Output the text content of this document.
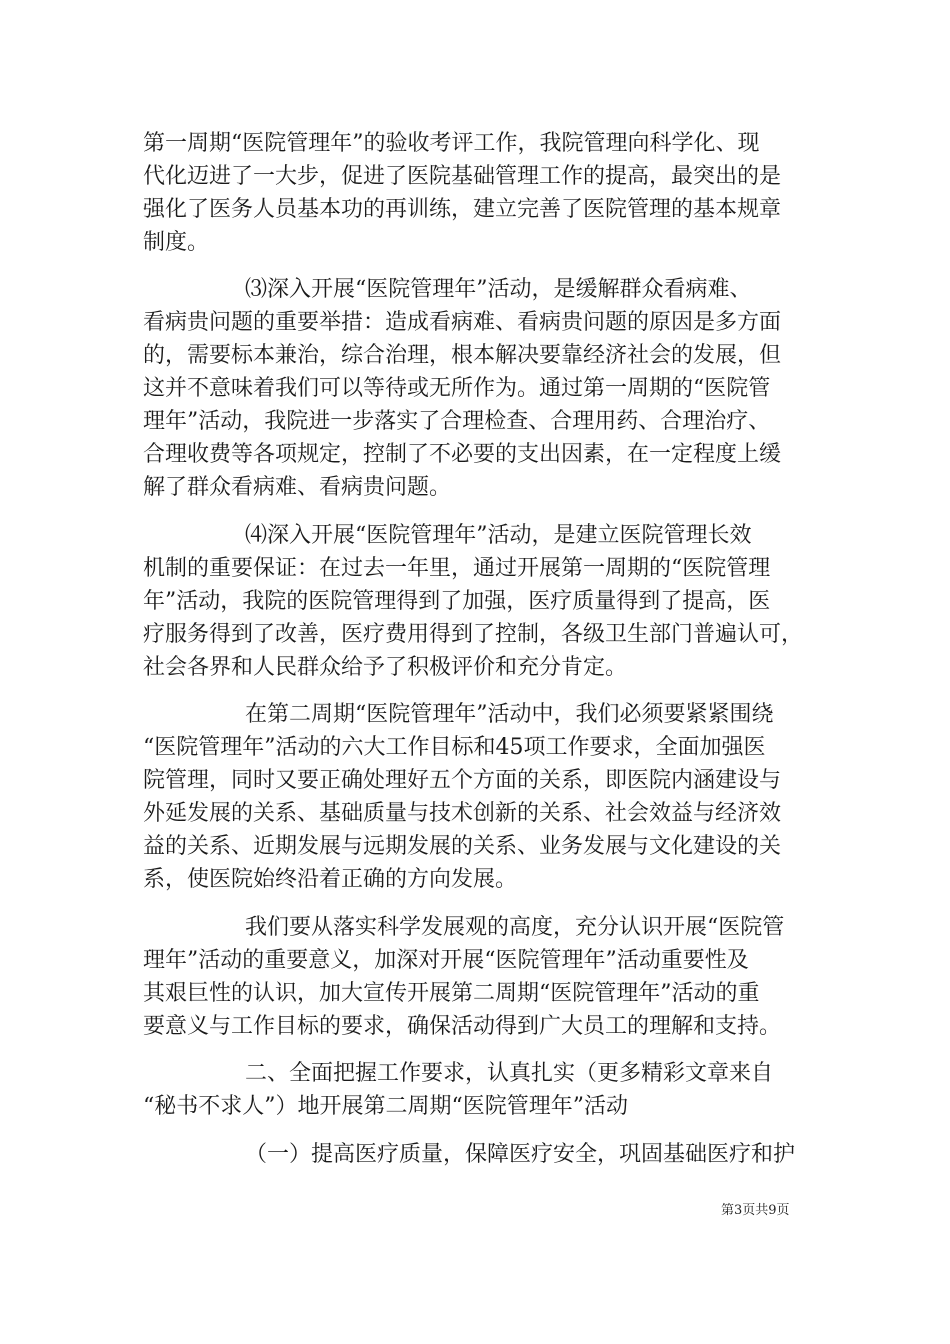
第一周期“医院管理年”的验收考评工作，我院管理向科学化、现
代化迈进了一大步，促进了医院基础管理工作的提高，最突出的是
强化了医务人员基本功的再训练，建立完善了医院管理的基本规章
制度。
⑶深入开展“医院管理年”活动，是缓解群众看病难、
看病贵问题的重要举措：造成看病难、看病贵问题的原因是多方面
的，需要标本兼治，综合治理，根本解决要靠经济社会的发展，但
这并不意味着我们可以等待或无所作为。通过第一周期的“医院管
理年”活动，我院进一步落实了合理检查、合理用药、合理治疗、
合理收费等各项规定，控制了不必要的支出因素，在一定程度上缓
解了群众看病难、看病贵问题。
⑷深入开展“医院管理年”活动，是建立医院管理长效
机制的重要保证：在过去一年里，通过开展第一周期的“医院管理
年”活动，我院的医院管理得到了加强，医疗质量得到了提高，医
疗服务得到了改善，医疗费用得到了控制，各级卫生部门普遍认可，
社会各界和人民群众给予了积极评价和充分肯定。
在第二周期“医院管理年”活动中，我们必须要紧紧围绕
“医院管理年”活动的六大工作目标和45项工作要求，全面加强医
院管理，同时又要正确处理好五个方面的关系，即医院内涵建设与
外延发展的关系、基础质量与技术创新的关系、社会效益与经济效
益的关系、近期发展与远期发展的关系、业务发展与文化建设的关
系，使医院始终沿着正确的方向发展。
我们要从落实科学发展观的高度，充分认识开展“医院管
理年”活动的重要意义，加深对开展“医院管理年”活动重要性及
其艰巨性的认识，加大宣传开展第二周期“医院管理年”活动的重
要意义与工作目标的要求，确保活动得到广大员工的理解和支持。
二、全面把握工作要求，认真扎实（更多精彩文章来自
“秘书不求人”）地开展第二周期“医院管理年”活动
（一）提高医疗质量，保障医疗安全，巩固基础医疗和护
第3页共9页
